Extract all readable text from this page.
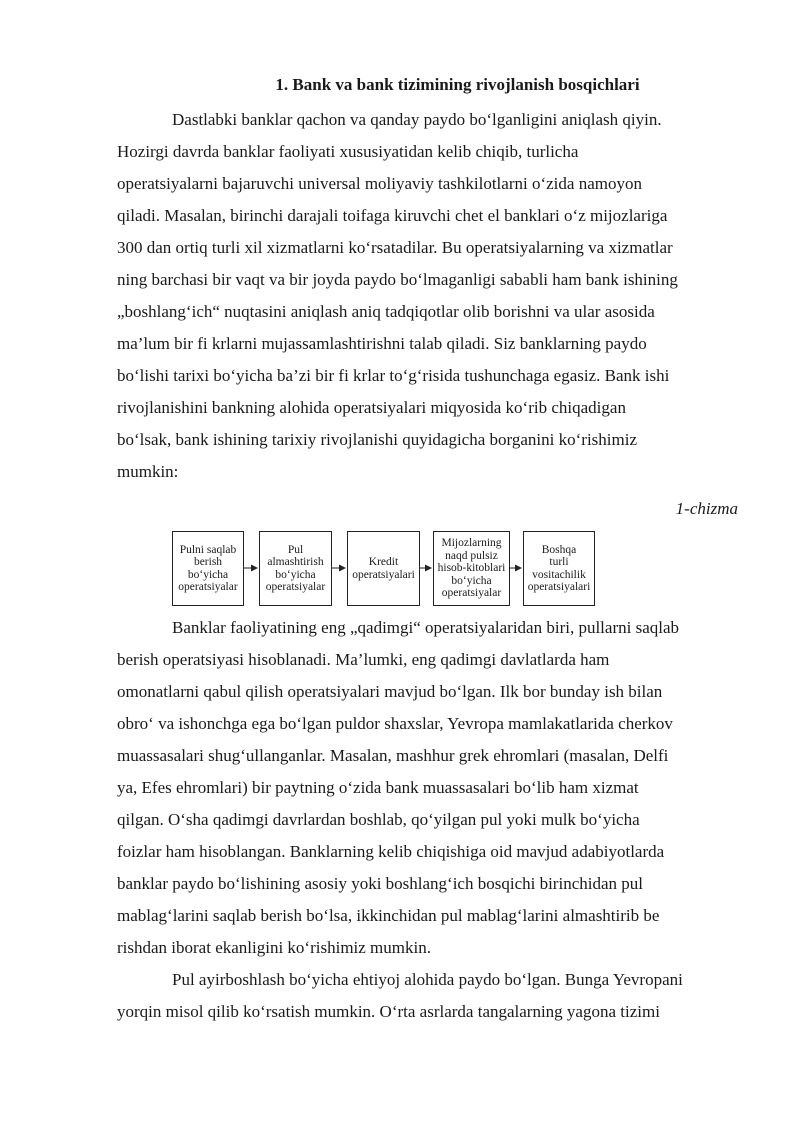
1. Bank va bank tizimining rivojlanish bosqichlari
Dastlabki banklar qachon va qanday paydo bo‘lganligini aniqlash qiyin.
Hozirgi davrda banklar faoliyati xususiyatidan kelib chiqib, turlicha
operatsiyalarni bajaruvchi universal moliyaviy tashkilotlarni o‘zida namoyon
qiladi. Masalan, birinchi darajali toifaga kiruvchi chet el banklari o‘z mijozlariga
300 dan ortiq turli xil xizmatlarni ko‘rsatadilar. Bu operatsiyalarning va xizmatlar
ning barchasi bir vaqt va bir joyda paydo bo‘lmaganligi sababli ham bank ishining
„boshlang‘ich“ nuqtasini aniqlash aniq tadqiqotlar olib borishni va ular asosida
ma’lum bir fi krlarni mujassamlashtirishni talab qiladi. Siz banklarning paydo
bo‘lishi tarixi bo‘yicha ba’zi bir fi krlar to‘g‘risida tushunchaga egasiz. Bank ishi
rivojlanishini bankning alohida operatsiyalari miqyosida ko‘rib chiqadigan
bo‘lsak, bank ishining tarixiy rivojlanishi quyidagicha borganini ko‘rishimiz
mumkin:
1-chizma
Pulni saqlab
berish
bo‘yicha
operatsiyalar
Pul
almashtirish
bo‘yicha
operatsiyalar
Kredit
operatsiyalari
Mijozlarning
naqd pulsiz
hisob-kitoblari
bo‘yicha
operatsiyalar
Boshqa
turli
vositachilik
operatsiyalari
Banklar faoliyatining eng „qadimgi“ operatsiyalaridan biri, pullarni saqlab
berish operatsiyasi hisoblanadi. Ma’lumki, eng qadimgi davlatlarda ham
omonatlarni qabul qilish operatsiyalari mavjud bo‘lgan. Ilk bor bunday ish bilan
obro‘ va ishonchga ega bo‘lgan puldor shaxslar, Yevropa mamlakatlarida cherkov
muassasalari shug‘ullanganlar. Masalan, mashhur grek ehromlari (masalan, Delfi
ya, Efes ehromlari) bir paytning o‘zida bank muassasalari bo‘lib ham xizmat
qilgan. O‘sha qadimgi davrlardan boshlab, qo‘yilgan pul yoki mulk bo‘yicha
foizlar ham hisoblangan. Banklarning kelib chiqishiga oid mavjud adabiyotlarda
banklar paydo bo‘lishining asosiy yoki boshlang‘ich bosqichi birinchidan pul
mablag‘larini saqlab berish bo‘lsa, ikkinchidan pul mablag‘larini almashtirib be
rishdan iborat ekanligini ko‘rishimiz mumkin.
Pul ayirboshlash bo‘yicha ehtiyoj alohida paydo bo‘lgan. Bunga Yevropani
yorqin misol qilib ko‘rsatish mumkin. O‘rta asrlarda tangalarning yagona tizimi
